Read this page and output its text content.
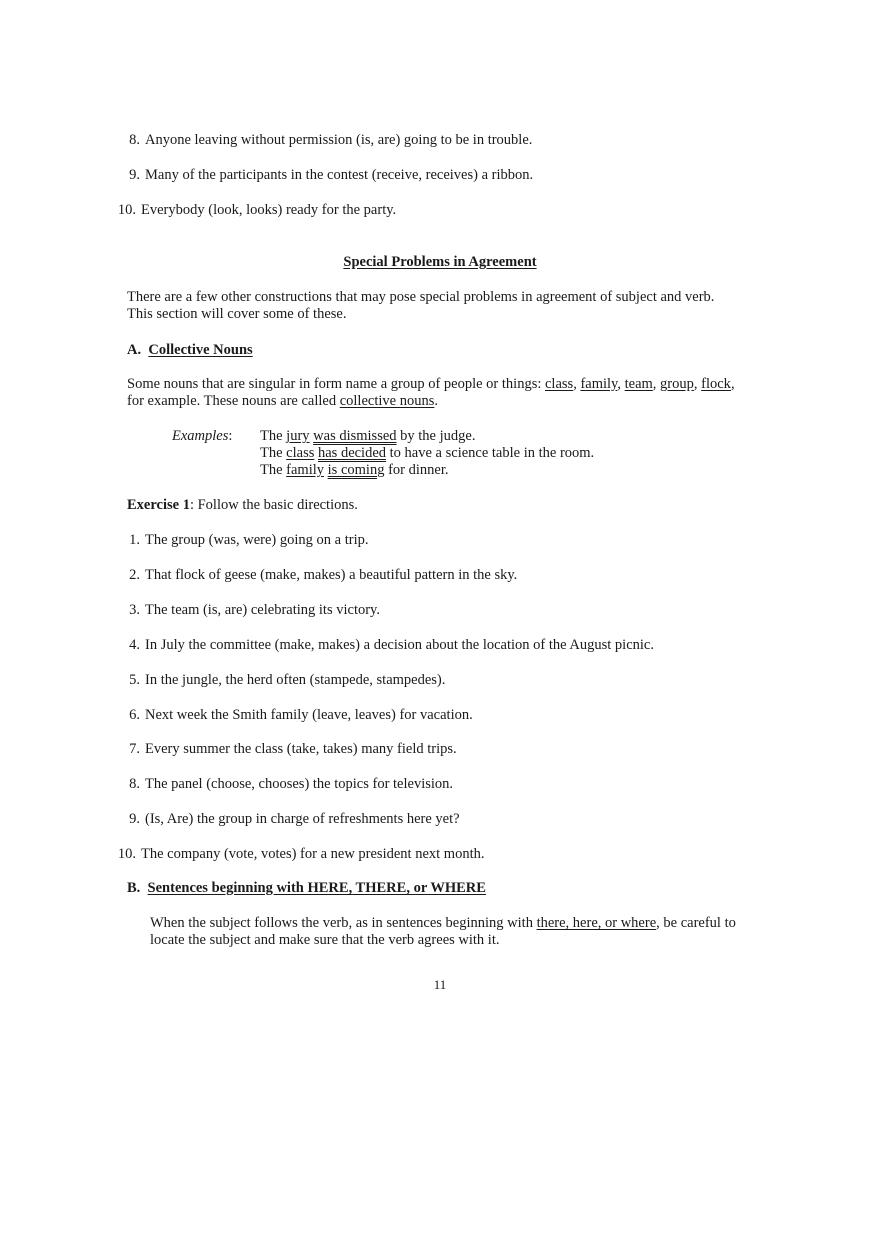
8. Anyone leaving without permission (is, are) going to be in trouble.
9. Many of the participants in the contest (receive, receives) a ribbon.
10. Everybody (look, looks) ready for the party.
Special Problems in Agreement
There are a few other constructions that may pose special problems in agreement of subject and verb.
This section will cover some of these.
A. Collective Nouns
Some nouns that are singular in form name a group of people or things: class, family, team, group, flock,
for example. These nouns are called collective nouns.
Examples: The jury was dismissed by the judge.
The class has decided to have a science table in the room.
The family is coming for dinner.
Exercise 1: Follow the basic directions.
1. The group (was, were) going on a trip.
2. That flock of geese (make, makes) a beautiful pattern in the sky.
3. The team (is, are) celebrating its victory.
4. In July the committee (make, makes) a decision about the location of the August picnic.
5. In the jungle, the herd often (stampede, stampedes).
6. Next week the Smith family (leave, leaves) for vacation.
7. Every summer the class (take, takes) many field trips.
8. The panel (choose, chooses) the topics for television.
9. (Is, Are) the group in charge of refreshments here yet?
10. The company (vote, votes) for a new president next month.
B. Sentences beginning with HERE, THERE, or WHERE
When the subject follows the verb, as in sentences beginning with there, here, or where, be careful to
locate the subject and make sure that the verb agrees with it.
11
